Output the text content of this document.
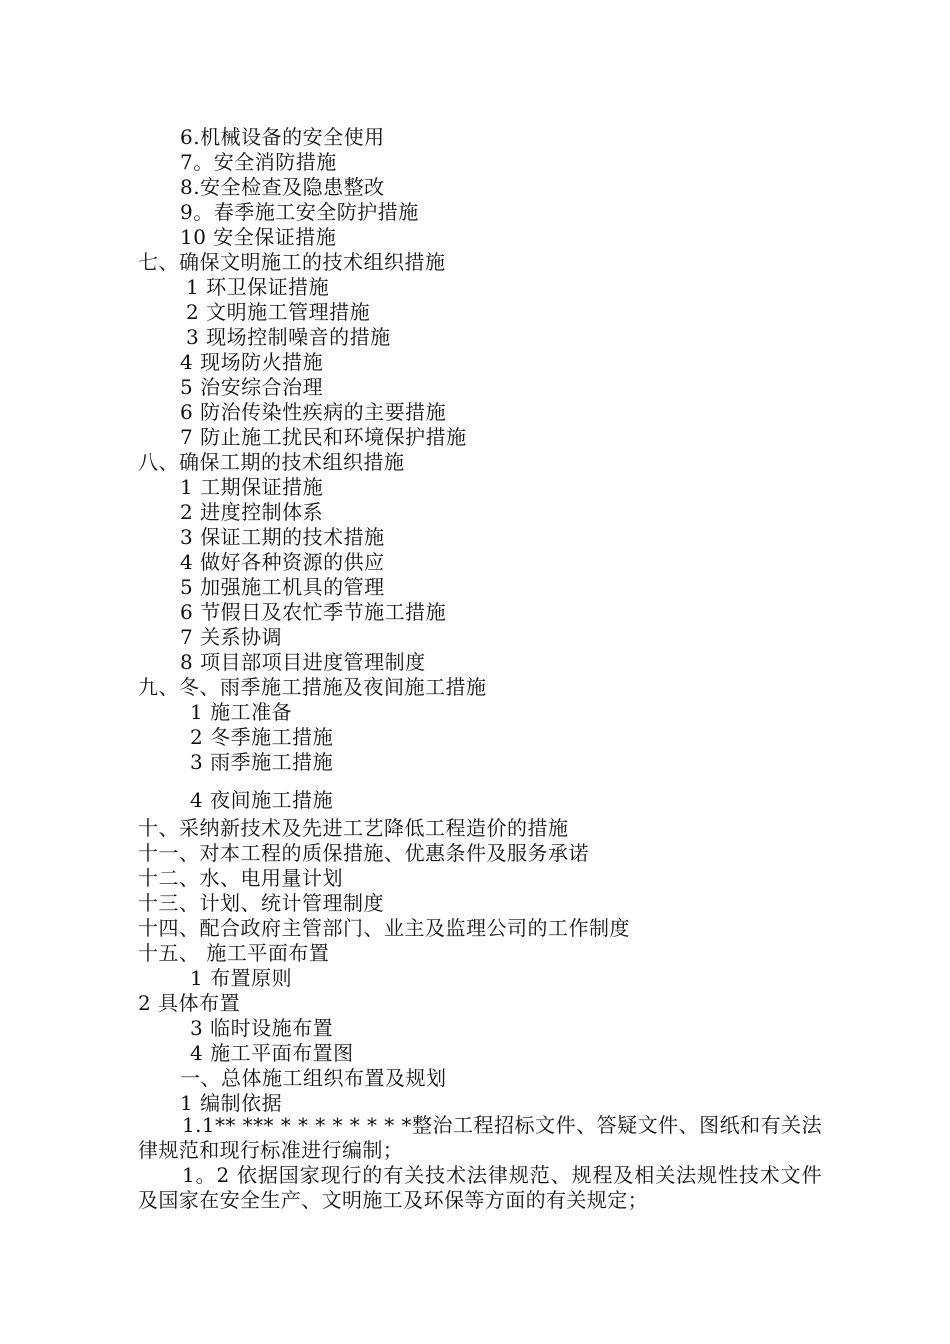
6.机械设备的安全使用
7。安全消防措施
8.安全检查及隐患整改
9。春季施工安全防护措施
10 安全保证措施
七、确保文明施工的技术组织措施
1 环卫保证措施
2 文明施工管理措施
3 现场控制噪音的措施
4 现场防火措施
5 治安综合治理
6 防治传染性疾病的主要措施
7 防止施工扰民和环境保护措施
八、确保工期的技术组织措施
1 工期保证措施
2 进度控制体系
3 保证工期的技术措施
4 做好各种资源的供应
5 加强施工机具的管理
6 节假日及农忙季节施工措施
7 关系协调
8 项目部项目进度管理制度
九、冬、雨季施工措施及夜间施工措施
1 施工准备
2 冬季施工措施
3 雨季施工措施
4 夜间施工措施
十、采纳新技术及先进工艺降低工程造价的措施
十一、对本工程的质保措施、优惠条件及服务承诺
十二、水、电用量计划
十三、计划、统计管理制度
十四、配合政府主管部门、业主及监理公司的工作制度
十五、 施工平面布置
1 布置原则
2 具体布置
3 临时设施布置
4 施工平面布置图
一、总体施工组织布置及规划
1 编制依据
1.1** *** * * * * * * * *整治工程招标文件、答疑文件、图纸和有关法律规范和现行标准进行编制；
1。2 依据国家现行的有关技术法律规范、规程及相关法规性技术文件及国家在安全生产、文明施工及环保等方面的有关规定；
